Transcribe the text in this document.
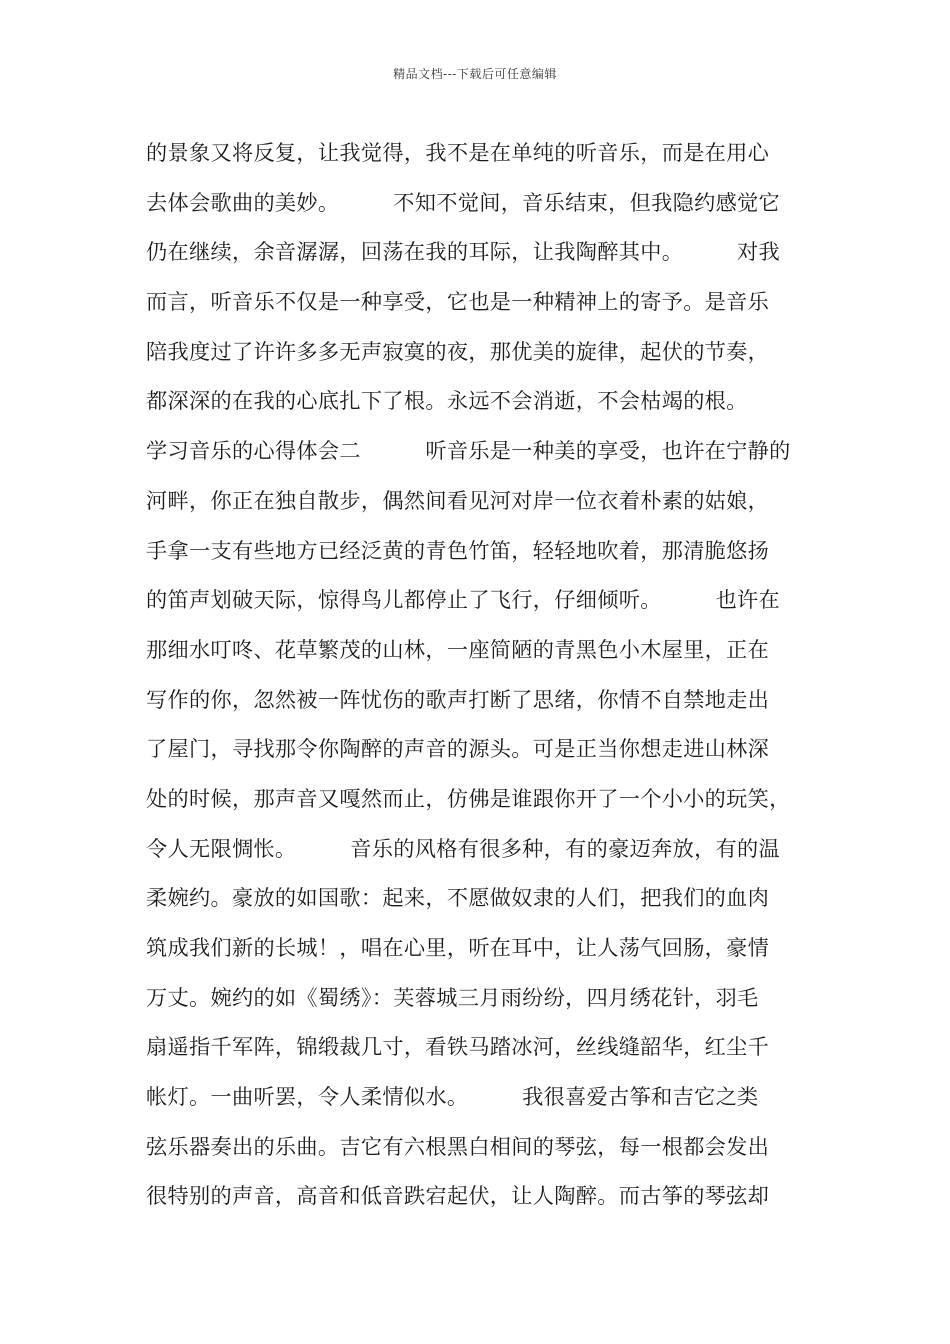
精品文档---下载后可任意编辑
的景象又将反复，让我觉得，我不是在单纯的听音乐，而是在用心
去体会歌曲的美妙。　　　不知不觉间，音乐结束，但我隐约感觉它
仍在继续，余音潺潺，回荡在我的耳际，让我陶醉其中。　　　对我
而言，听音乐不仅是一种享受，它也是一种精神上的寄予。是音乐
陪我度过了许许多多无声寂寞的夜，那优美的旋律，起伏的节奏，
都深深的在我的心底扎下了根。永远不会消逝，不会枯竭的根。
学习音乐的心得体会二　　　听音乐是一种美的享受，也许在宁静的
河畔，你正在独自散步，偶然间看见河对岸一位衣着朴素的姑娘，
手拿一支有些地方已经泛黄的青色竹笛，轻轻地吹着，那清脆悠扬
的笛声划破天际，惊得鸟儿都停止了飞行，仔细倾听。　　　也许在
那细水叮咚、花草繁茂的山林，一座简陋的青黑色小木屋里，正在
写作的你，忽然被一阵忧伤的歌声打断了思绪，你情不自禁地走出
了屋门，寻找那令你陶醉的声音的源头。可是正当你想走进山林深
处的时候，那声音又嘎然而止，仿佛是谁跟你开了一个小小的玩笑，
令人无限惆怅。　　　音乐的风格有很多种，有的豪迈奔放，有的温
柔婉约。豪放的如国歌：起来，不愿做奴隶的人们，把我们的血肉
筑成我们新的长城！，唱在心里，听在耳中，让人荡气回肠，豪情
万丈。婉约的如《蜀绣》：芙蓉城三月雨纷纷，四月绣花针，羽毛
扇遥指千军阵，锦缎裁几寸，看铁马踏冰河，丝线缝韶华，红尘千
帐灯。一曲听罢，令人柔情似水。　　　我很喜爱古筝和吉它之类
弦乐器奏出的乐曲。吉它有六根黑白相间的琴弦，每一根都会发出
很特别的声音，高音和低音跌宕起伏，让人陶醉。而古筝的琴弦却
